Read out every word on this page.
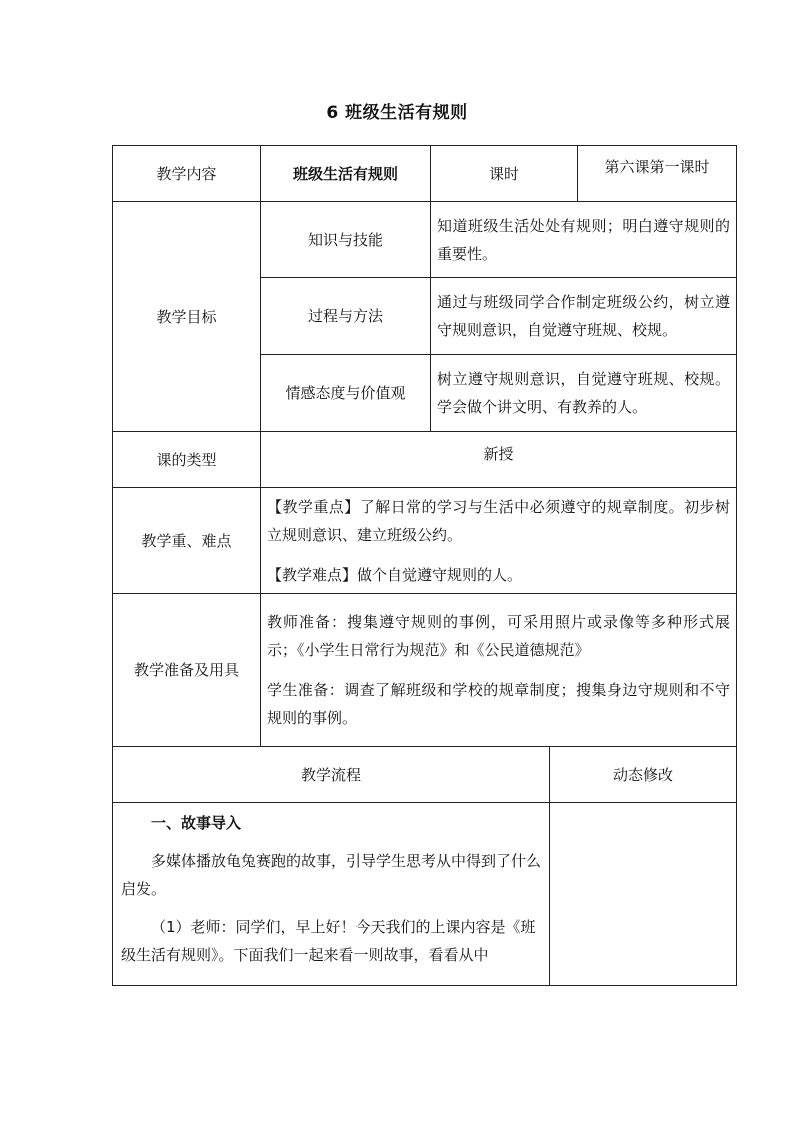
6 班级生活有规则
教学内容	班级生活有规则	课时		第六课第一课时
教学目标	知识与技能	知道班级生活处处有规则；明白遵守规则的重要性。		

	过程与方法	通过与班级同学合作制定班级公约，树立遵守规则意识，自觉遵守班规、校规。		

	情感态度与价值观	树立遵守规则意识，自觉遵守班规、校规。学会做个讲文明、有教养的人。		

课的类型	新授			
教学重、难点	【教学重点】了解日常的学习与生活中必须遵守的规章制度。初步树立规则意识、建立班级公约。

【教学难点】做个自觉遵守规则的人。			

教学准备及用具	教师准备：搜集遵守规则的事例，可采用照片或录像等多种形式展示；《小学生日常行为规范》和《公民道德规范》

学生准备：调查了解班级和学校的规章制度；搜集身边守规则和不守规则的事例。			

教学流程			动态修改	

一、故事导入

多媒体播放龟兔赛跑的故事，引导学生思考从中得到了什么启发。

（1）老师：同学们，早上好！今天我们的上课内容是《班级生活有规则》。下面我们一起来看一则故事，看看从中				
